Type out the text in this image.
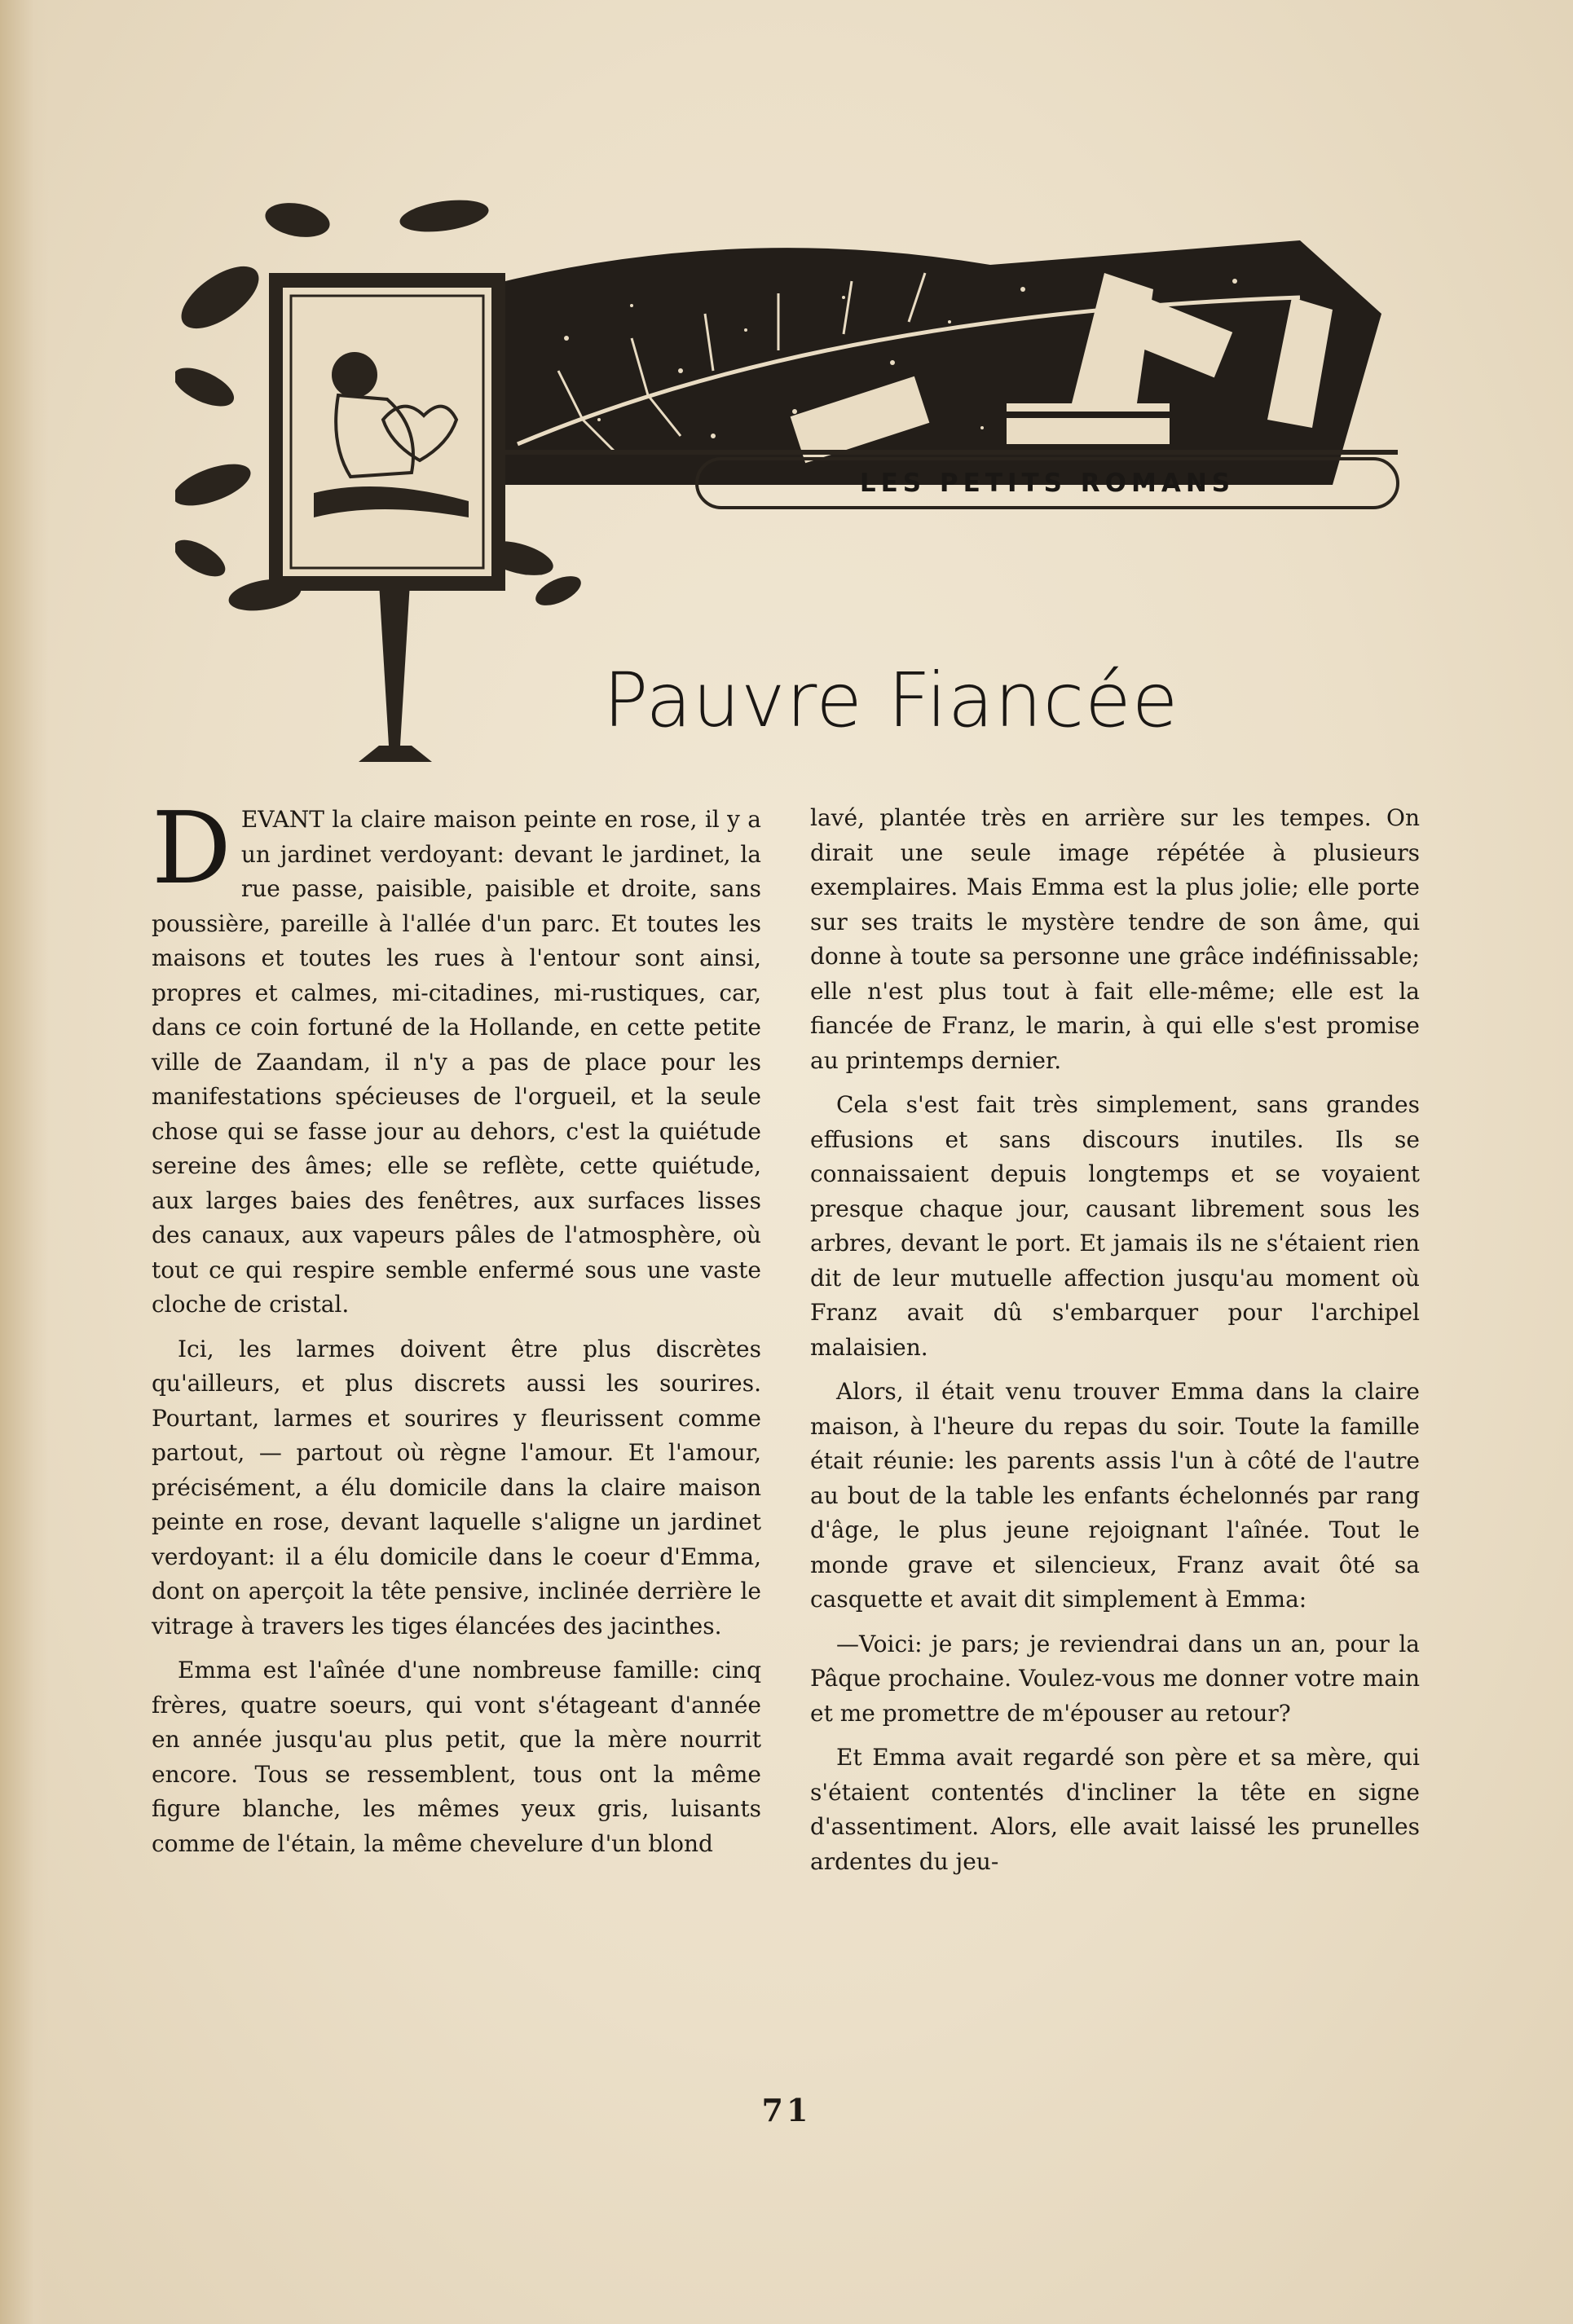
LES PETITS ROMANS
Pauvre Fiancée

DEVANT la claire maison peinte en rose, il y a un jardinet verdoyant: devant le jardinet, la rue passe, paisible, paisible et droite, sans poussière, pareille à l'allée d'un parc. Et toutes les maisons et toutes les rues à l'entour sont ainsi, propres et calmes, mi-citadines, mi-rustiques, car, dans ce coin fortuné de la Hollande, en cette petite ville de Zaandam, il n'y a pas de place pour les manifestations spécieuses de l'orgueil, et la seule chose qui se fasse jour au dehors, c'est la quiétude sereine des âmes; elle se reflète, cette quiétude, aux larges baies des fenêtres, aux surfaces lisses des canaux, aux vapeurs pâles de l'atmosphère, où tout ce qui respire semble enfermé sous une vaste cloche de cristal.

Ici, les larmes doivent être plus discrètes qu'ailleurs, et plus discrets aussi les sourires. Pourtant, larmes et sourires y fleurissent comme partout, — partout où règne l'amour. Et l'amour, précisément, a élu domicile dans la claire maison peinte en rose, devant laquelle s'aligne un jardinet verdoyant: il a élu domicile dans le coeur d'Emma, dont on aperçoit la tête pensive, inclinée derrière le vitrage à travers les tiges élancées des jacinthes.

Emma est l'aînée d'une nombreuse famille: cinq frères, quatre soeurs, qui vont s'étageant d'année en année jusqu'au plus petit, que la mère nourrit encore. Tous se ressemblent, tous ont la même figure blanche, les mêmes yeux gris, luisants comme de l'étain, la même chevelure d'un blond

lavé, plantée très en arrière sur les tempes. On dirait une seule image répétée à plusieurs exemplaires. Mais Emma est la plus jolie; elle porte sur ses traits le mystère tendre de son âme, qui donne à toute sa personne une grâce indéfinissable; elle n'est plus tout à fait elle-même; elle est la fiancée de Franz, le marin, à qui elle s'est promise au printemps dernier.

Cela s'est fait très simplement, sans grandes effusions et sans discours inutiles. Ils se connaissaient depuis longtemps et se voyaient presque chaque jour, causant librement sous les arbres, devant le port. Et jamais ils ne s'étaient rien dit de leur mutuelle affection jusqu'au moment où Franz avait dû s'embarquer pour l'archipel malaisien.

Alors, il était venu trouver Emma dans la claire maison, à l'heure du repas du soir. Toute la famille était réunie: les parents assis l'un à côté de l'autre au bout de la table les enfants échelonnés par rang d'âge, le plus jeune rejoignant l'aînée. Tout le monde grave et silencieux, Franz avait ôté sa casquette et avait dit simplement à Emma:

—Voici: je pars; je reviendrai dans un an, pour la Pâque prochaine. Voulez-vous me donner votre main et me promettre de m'épouser au retour?

Et Emma avait regardé son père et sa mère, qui s'étaient contentés d'incliner la tête en signe d'assentiment. Alors, elle avait laissé les prunelles ardentes du jeu-

71
